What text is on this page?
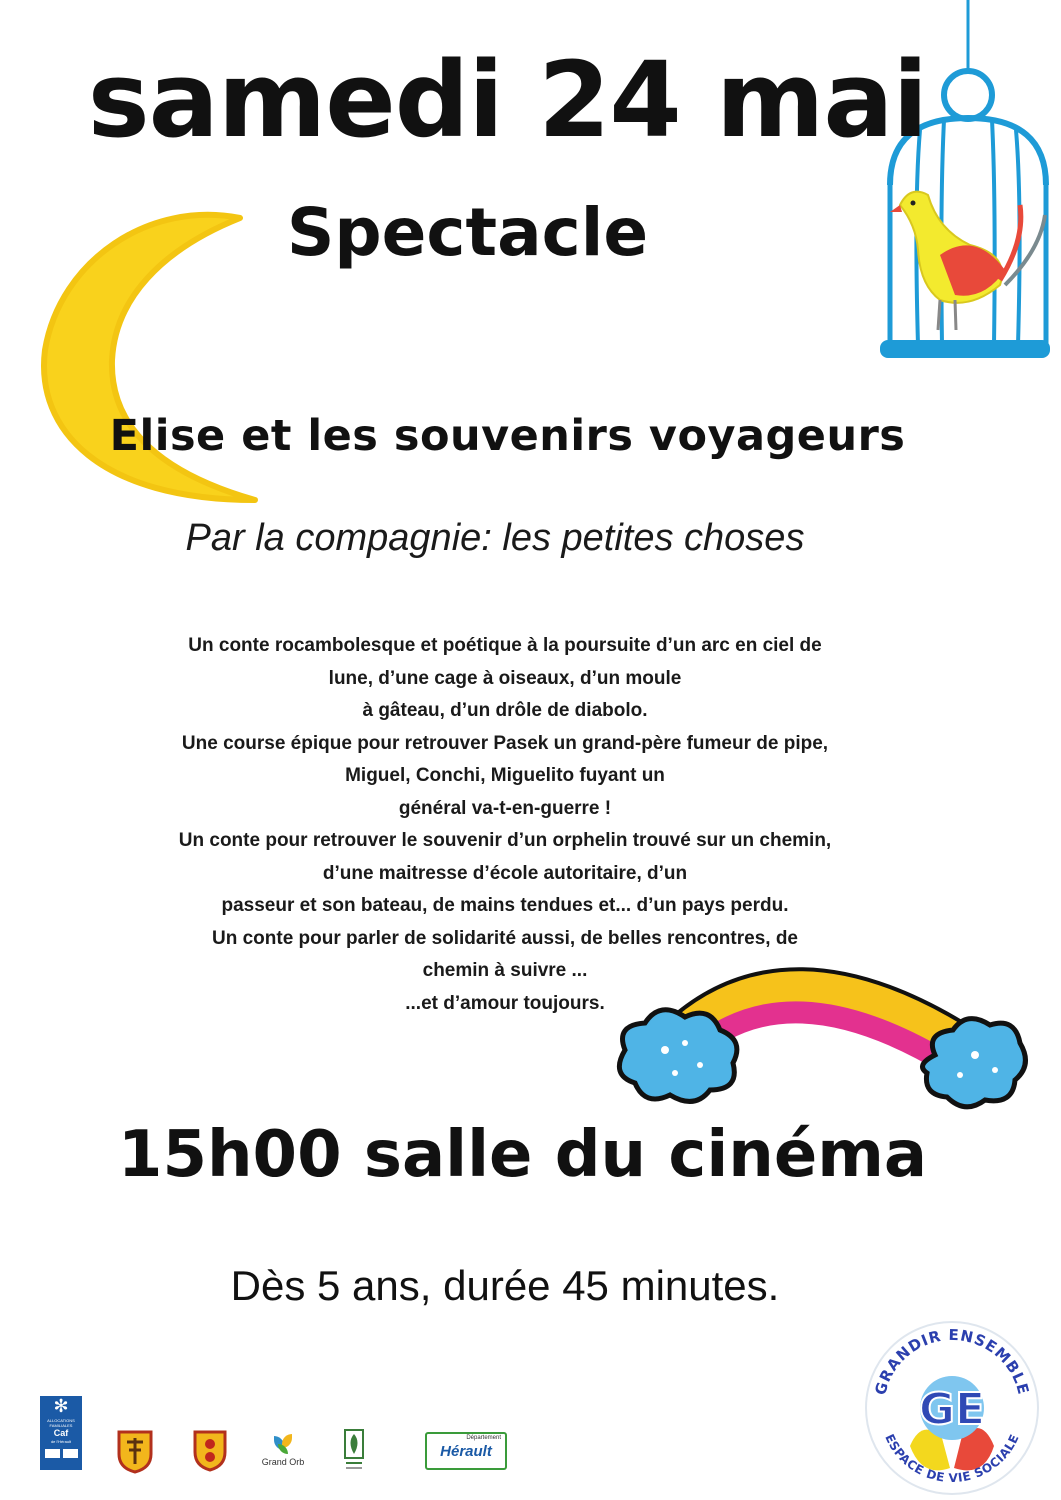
samedi 24 mai
Spectacle
Elise et les souvenirs voyageurs
Par la compagnie: les petites choses
Un conte rocambolesque et poétique à la poursuite d’un arc en ciel de
lune, d’une cage à oiseaux, d’un moule
à gâteau, d’un drôle de diabolo.
Une course épique pour retrouver Pasek un grand-père fumeur de pipe,
Miguel, Conchi, Miguelito fuyant un
général va-t-en-guerre !
Un conte pour retrouver le souvenir d’un orphelin trouvé sur un chemin,
d’une maitresse d’école autoritaire, d’un
passeur et son bateau, de mains tendues et... d’un pays perdu.
Un conte pour parler de solidarité aussi, de belles rencontres, de
chemin à suivre ...
...et d’amour toujours.
15h00 salle du cinéma
Dès 5 ans, durée 45 minutes.
GE
GRANDIR ENSEMBLE
ESPACE DE VIE SOCIALE
✻
ALLOCATIONS
FAMILIALES
Caf
de l'Hérault
Grand Orb
Département
Hérault
